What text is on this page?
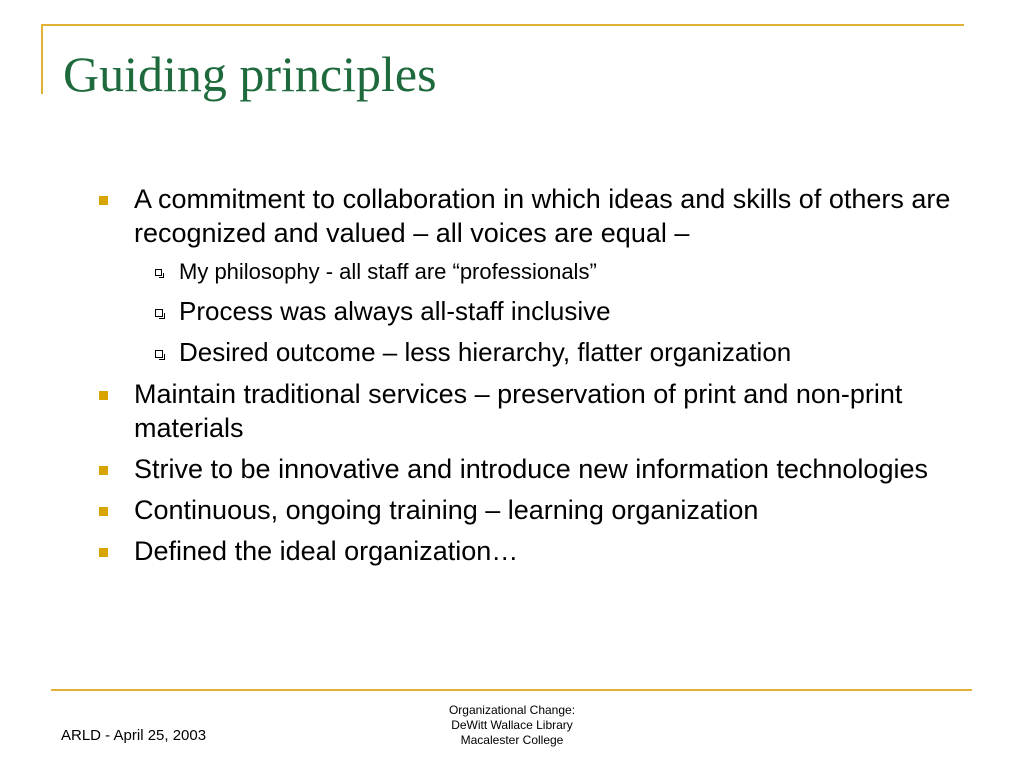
Guiding principles
A commitment to collaboration in which ideas and skills of others are recognized and valued – all voices are equal –
My philosophy - all staff are “professionals”
Process was always all-staff inclusive
Desired outcome – less hierarchy, flatter organization
Maintain traditional services – preservation of print and non-print materials
Strive to be innovative and introduce new information technologies
Continuous, ongoing training – learning organization
Defined the ideal organization…
ARLD - April 25, 2003
Organizational Change:
DeWitt Wallace Library
Macalester College
